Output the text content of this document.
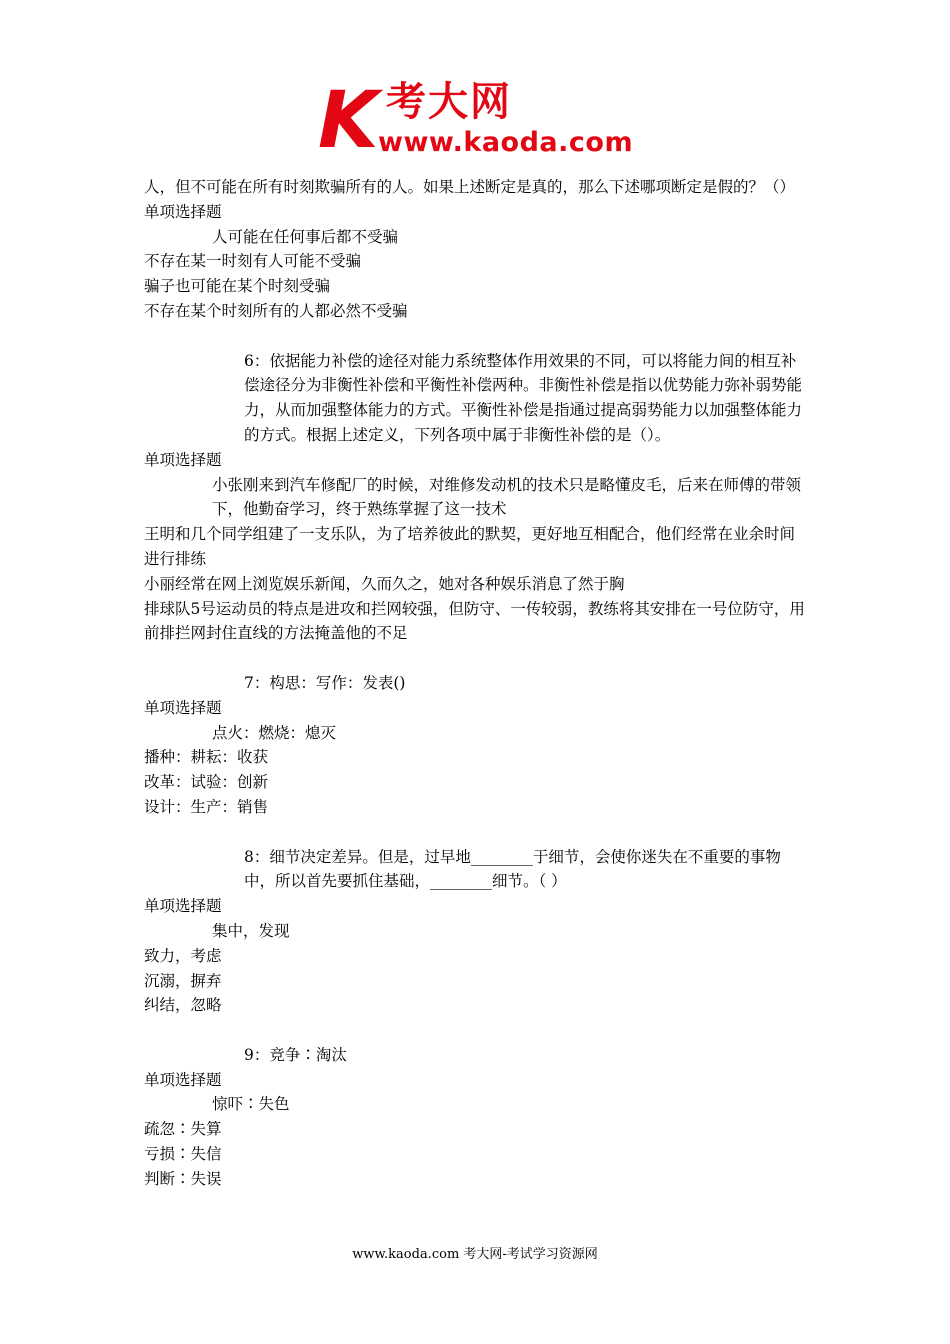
K 考大网
www.kaoda.com

人，但不可能在所有时刻欺骗所有的人。如果上述断定是真的，那么下述哪项断定是假的？（）

单项选择题

人可能在任何事后都不受骗

不存在某一时刻有人可能不受骗

骗子也可能在某个时刻受骗

不存在某个时刻所有的人都必然不受骗

6：依据能力补偿的途径对能力系统整体作用效果的不同，可以将能力间的相互补偿途径分为非衡性补偿和平衡性补偿两种。非衡性补偿是指以优势能力弥补弱势能力，从而加强整体能力的方式。平衡性补偿是指通过提高弱势能力以加强整体能力的方式。根据上述定义，下列各项中属于非衡性补偿的是（）。

单项选择题

小张刚来到汽车修配厂的时候，对维修发动机的技术只是略懂皮毛，后来在师傅的带领下，他勤奋学习，终于熟练掌握了这一技术

王明和几个同学组建了一支乐队，为了培养彼此的默契，更好地互相配合，他们经常在业余时间进行排练

小丽经常在网上浏览娱乐新闻，久而久之，她对各种娱乐消息了然于胸

排球队5号运动员的特点是进攻和拦网较强，但防守、一传较弱，教练将其安排在一号位防守，用前排拦网封住直线的方法掩盖他的不足

7：构思：写作：发表()

单项选择题

点火：燃烧：熄灭

播种：耕耘：收获

改革：试验：创新

设计：生产：销售

8：细节决定差异。但是，过早地________于细节，会使你迷失在不重要的事物中，所以首先要抓住基础，________细节。（ ）

单项选择题

集中，发现

致力，考虑

沉溺，摒弃

纠结，忽略

9：竞争∶淘汰

单项选择题

惊吓∶失色

疏忽∶失算

亏损∶失信

判断∶失误

www.kaoda.com 考大网-考试学习资源网
